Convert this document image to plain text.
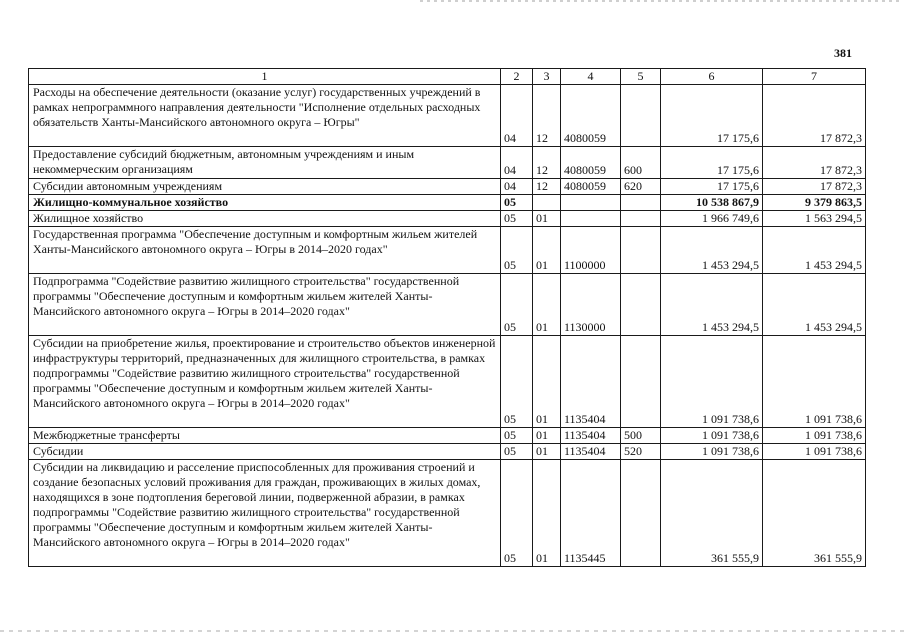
381
1	2	3	4	5	6	7
Расходы на обеспечение деятельности (оказание услуг) государственных учреждений в рамках непрограммного направления деятельности "Исполнение отдельных расходных обязательств Ханты-Мансийского автономного округа – Югры"	04	12	4080059		17 175,6	17 872,3
Предоставление субсидий бюджетным, автономным учреждениям и иным некоммерческим организациям	04	12	4080059	600	17 175,6	17 872,3
Субсидии автономным учреждениям	04	12	4080059	620	17 175,6	17 872,3
Жилищно-коммунальное хозяйство	05				10 538 867,9	9 379 863,5
Жилищное хозяйство	05	01			1 966 749,6	1 563 294,5
Государственная программа "Обеспечение доступным и комфортным жильем жителей Ханты-Мансийского автономного округа – Югры в 2014–2020 годах"	05	01	1100000		1 453 294,5	1 453 294,5
Подпрограмма "Содействие развитию жилищного строительства" государственной программы "Обеспечение доступным и комфортным жильем жителей Ханты-Мансийского автономного округа – Югры в 2014–2020 годах"	05	01	1130000		1 453 294,5	1 453 294,5
Субсидии на приобретение жилья, проектирование и строительство объектов инженерной инфраструктуры территорий, предназначенных для жилищного строительства, в рамках подпрограммы "Содействие развитию жилищного строительства" государственной программы "Обеспечение доступным и комфортным жильем жителей Ханты-Мансийского автономного округа – Югры в 2014–2020 годах"	05	01	1135404		1 091 738,6	1 091 738,6
Межбюджетные трансферты	05	01	1135404	500	1 091 738,6	1 091 738,6
Субсидии	05	01	1135404	520	1 091 738,6	1 091 738,6
Субсидии на ликвидацию и расселение приспособленных для проживания строений и создание безопасных условий проживания для граждан, проживающих в жилых домах, находящихся в зоне подтопления береговой линии, подверженной абразии, в рамках подпрограммы "Содействие развитию жилищного строительства" государственной программы "Обеспечение доступным и комфортным жильем жителей Ханты-Мансийского автономного округа – Югры в 2014–2020 годах"	05	01	1135445		361 555,9	361 555,9
